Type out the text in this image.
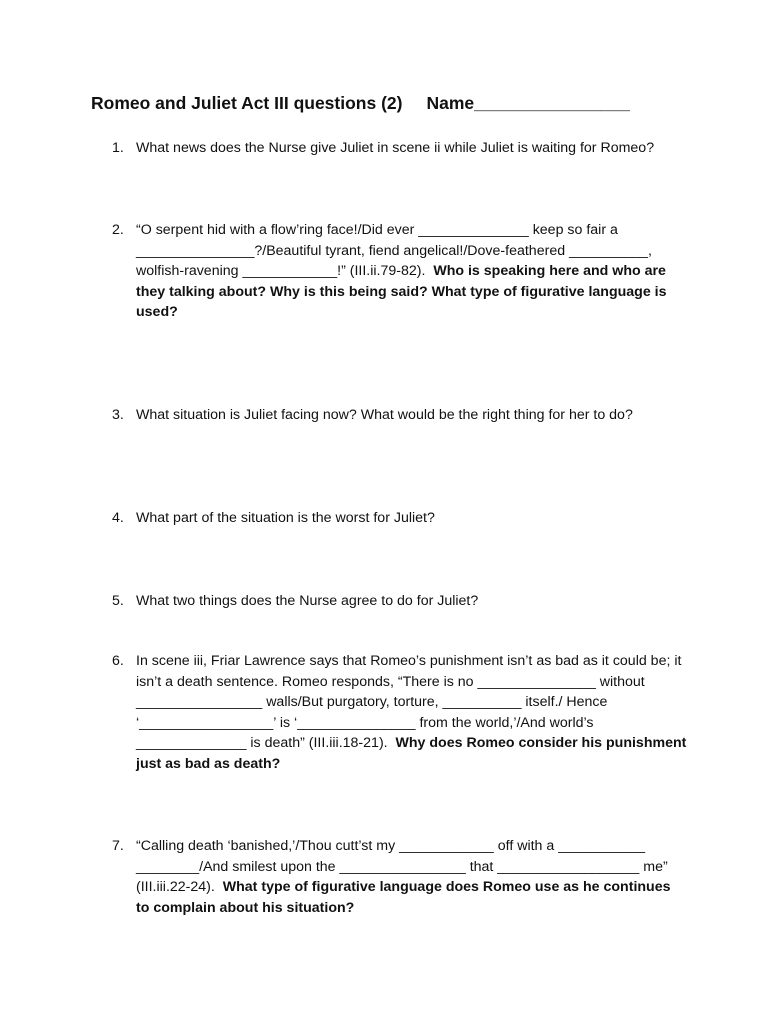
Romeo and Juliet Act III questions (2) Name________________
1. What news does the Nurse give Juliet in scene ii while Juliet is waiting for Romeo?
2. “O serpent hid with a flow’ring face!/Did ever ______________ keep so fair a _______________?/Beautiful tyrant, fiend angelical!/Dove-feathered __________, wolfish-ravening ____________!” (III.ii.79-82). Who is speaking here and who are they talking about? Why is this being said? What type of figurative language is used?
3. What situation is Juliet facing now? What would be the right thing for her to do?
4. What part of the situation is the worst for Juliet?
5. What two things does the Nurse agree to do for Juliet?
6. In scene iii, Friar Lawrence says that Romeo’s punishment isn’t as bad as it could be; it isn’t a death sentence. Romeo responds, “There is no _______________ without ________________ walls/But purgatory, torture, __________ itself./ Hence ‘_________________’ is ‘_______________ from the world,’/And world’s ______________ is death” (III.iii.18-21). Why does Romeo consider his punishment just as bad as death?
7. “Calling death ‘banished,’/Thou cutt’st my ____________ off with a ___________ ________/And smilest upon the ________________ that __________________ me” (III.iii.22-24). What type of figurative language does Romeo use as he continues to complain about his situation?
